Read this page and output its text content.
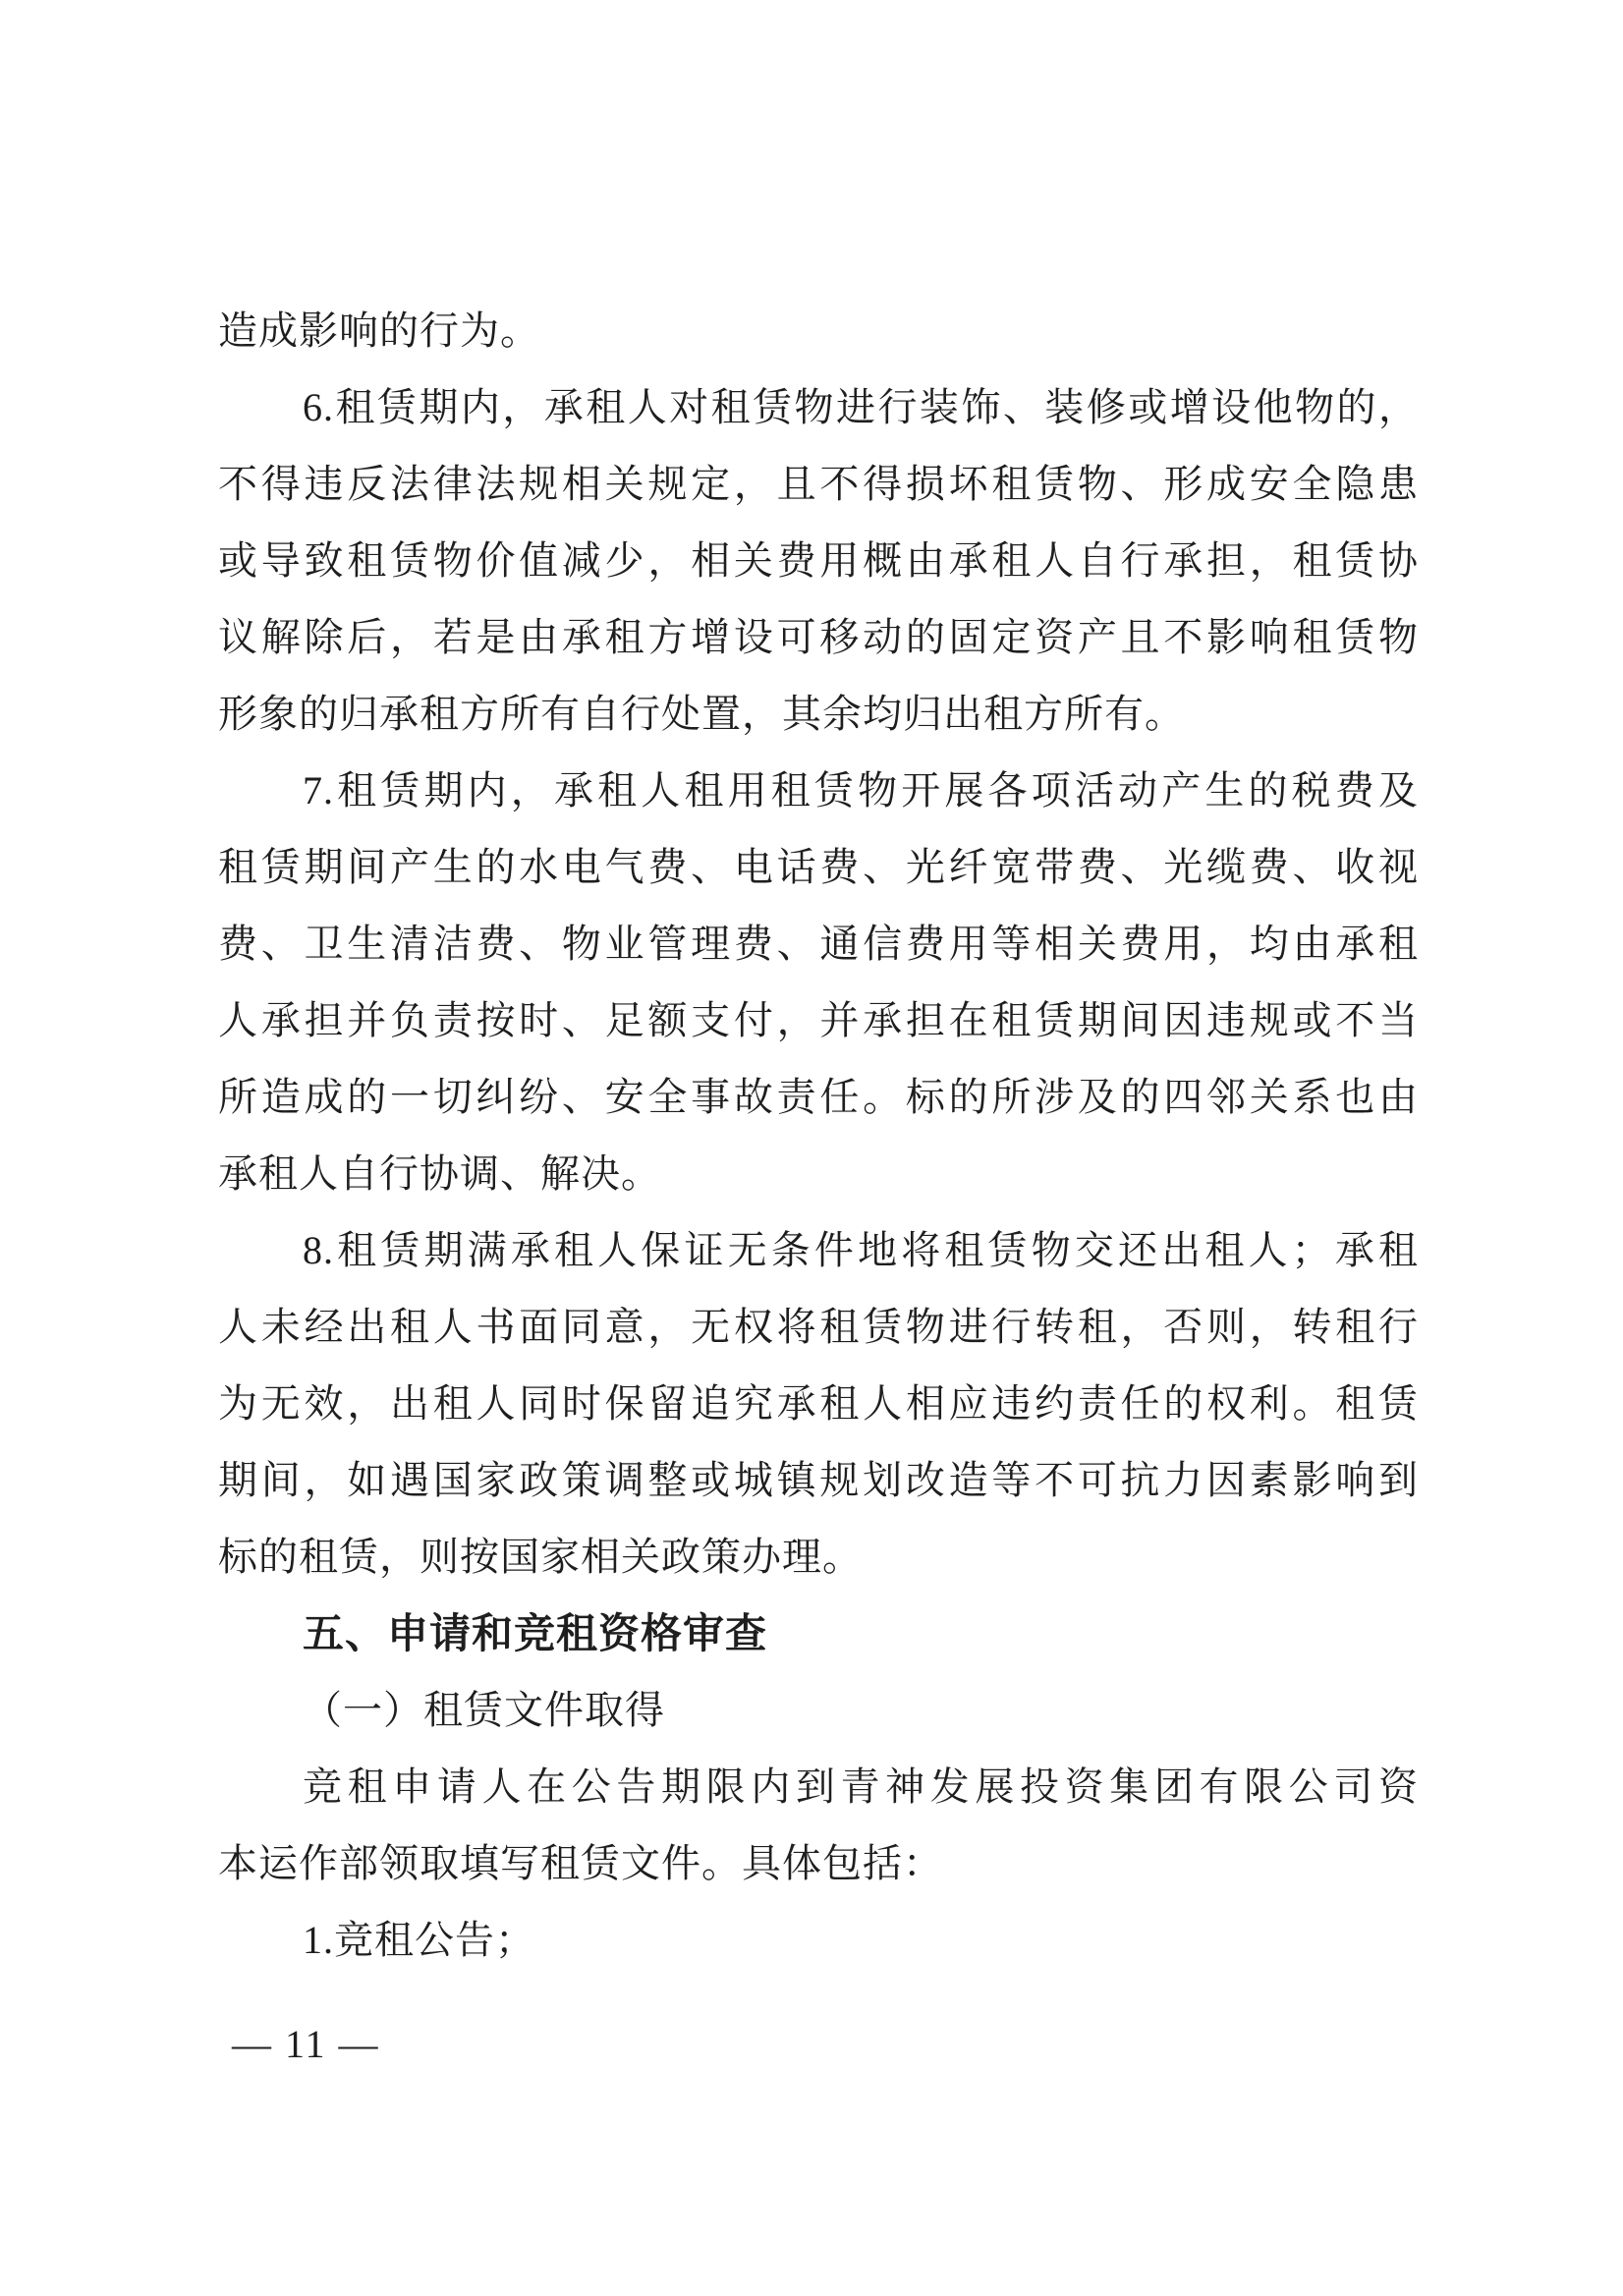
造成影响的行为。
6.租赁期内，承租人对租赁物进行装饰、装修或增设他物的，
不得违反法律法规相关规定，且不得损坏租赁物、形成安全隐患
或导致租赁物价值减少，相关费用概由承租人自行承担，租赁协
议解除后，若是由承租方增设可移动的固定资产且不影响租赁物
形象的归承租方所有自行处置，其余均归出租方所有。
7.租赁期内，承租人租用租赁物开展各项活动产生的税费及
租赁期间产生的水电气费、电话费、光纤宽带费、光缆费、收视
费、卫生清洁费、物业管理费、通信费用等相关费用，均由承租
人承担并负责按时、足额支付，并承担在租赁期间因违规或不当
所造成的一切纠纷、安全事故责任。标的所涉及的四邻关系也由
承租人自行协调、解决。
8.租赁期满承租人保证无条件地将租赁物交还出租人；承租
人未经出租人书面同意，无权将租赁物进行转租，否则，转租行
为无效，出租人同时保留追究承租人相应违约责任的权利。租赁
期间，如遇国家政策调整或城镇规划改造等不可抗力因素影响到
标的租赁，则按国家相关政策办理。
五、申请和竞租资格审查
（一）租赁文件取得
竞租申请人在公告期限内到青神发展投资集团有限公司资
本运作部领取填写租赁文件。具体包括：
1.竞租公告；
— 11 —
